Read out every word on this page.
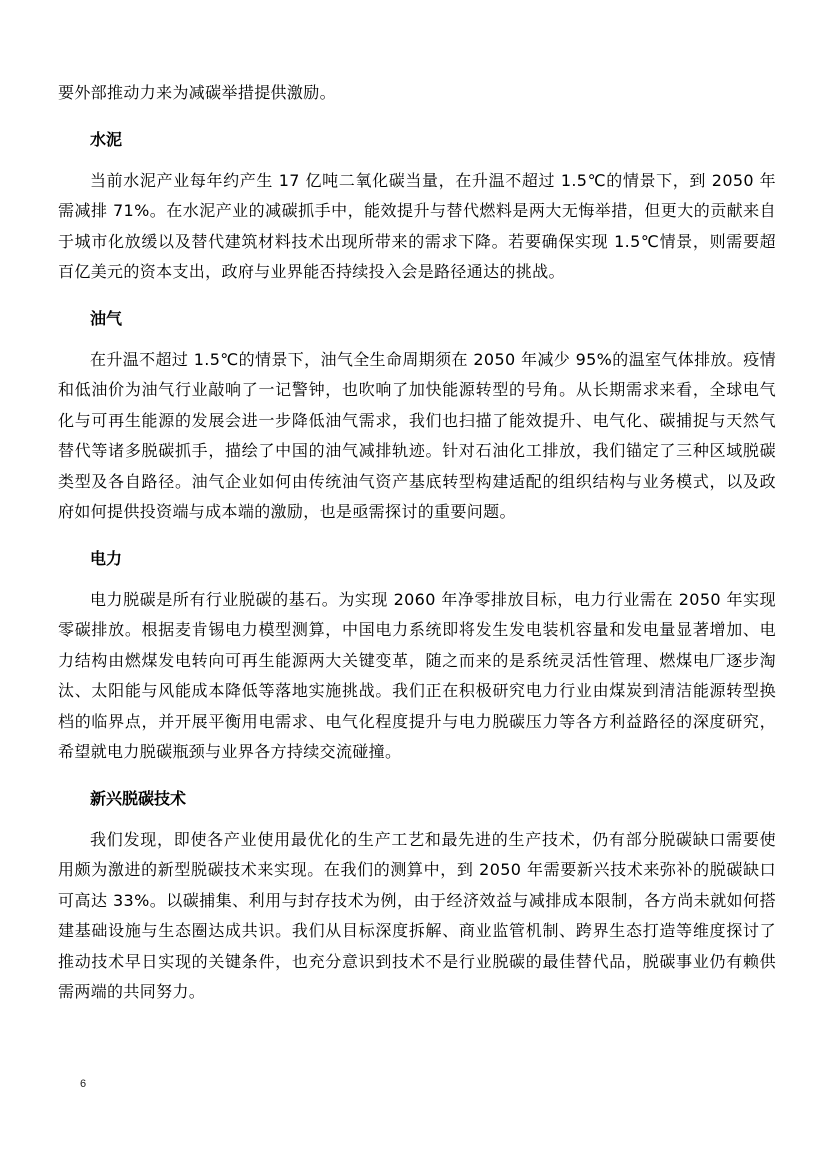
要外部推动力来为减碳举措提供激励。

水泥

当前水泥产业每年约产生 17 亿吨二氧化碳当量，在升温不超过 1.5℃的情景下，到 2050 年需减排 71%。在水泥产业的减碳抓手中，能效提升与替代燃料是两大无悔举措，但更大的贡献来自于城市化放缓以及替代建筑材料技术出现所带来的需求下降。若要确保实现 1.5℃情景，则需要超百亿美元的资本支出，政府与业界能否持续投入会是路径通达的挑战。

油气

在升温不超过 1.5℃的情景下，油气全生命周期须在 2050 年减少 95%的温室气体排放。疫情和低油价为油气行业敲响了一记警钟，也吹响了加快能源转型的号角。从长期需求来看，全球电气化与可再生能源的发展会进一步降低油气需求，我们也扫描了能效提升、电气化、碳捕捉与天然气替代等诸多脱碳抓手，描绘了中国的油气减排轨迹。针对石油化工排放，我们锚定了三种区域脱碳类型及各自路径。油气企业如何由传统油气资产基底转型构建适配的组织结构与业务模式，以及政府如何提供投资端与成本端的激励，也是亟需探讨的重要问题。

电力

电力脱碳是所有行业脱碳的基石。为实现 2060 年净零排放目标，电力行业需在 2050 年实现零碳排放。根据麦肯锡电力模型测算，中国电力系统即将发生发电装机容量和发电量显著增加、电力结构由燃煤发电转向可再生能源两大关键变革，随之而来的是系统灵活性管理、燃煤电厂逐步淘汰、太阳能与风能成本降低等落地实施挑战。我们正在积极研究电力行业由煤炭到清洁能源转型换档的临界点，并开展平衡用电需求、电气化程度提升与电力脱碳压力等各方利益路径的深度研究，希望就电力脱碳瓶颈与业界各方持续交流碰撞。

新兴脱碳技术

我们发现，即使各产业使用最优化的生产工艺和最先进的生产技术，仍有部分脱碳缺口需要使用颇为激进的新型脱碳技术来实现。在我们的测算中，到 2050 年需要新兴技术来弥补的脱碳缺口可高达 33%。以碳捕集、利用与封存技术为例，由于经济效益与减排成本限制，各方尚未就如何搭建基础设施与生态圈达成共识。我们从目标深度拆解、商业监管机制、跨界生态打造等维度探讨了推动技术早日实现的关键条件，也充分意识到技术不是行业脱碳的最佳替代品，脱碳事业仍有赖供需两端的共同努力。

6
